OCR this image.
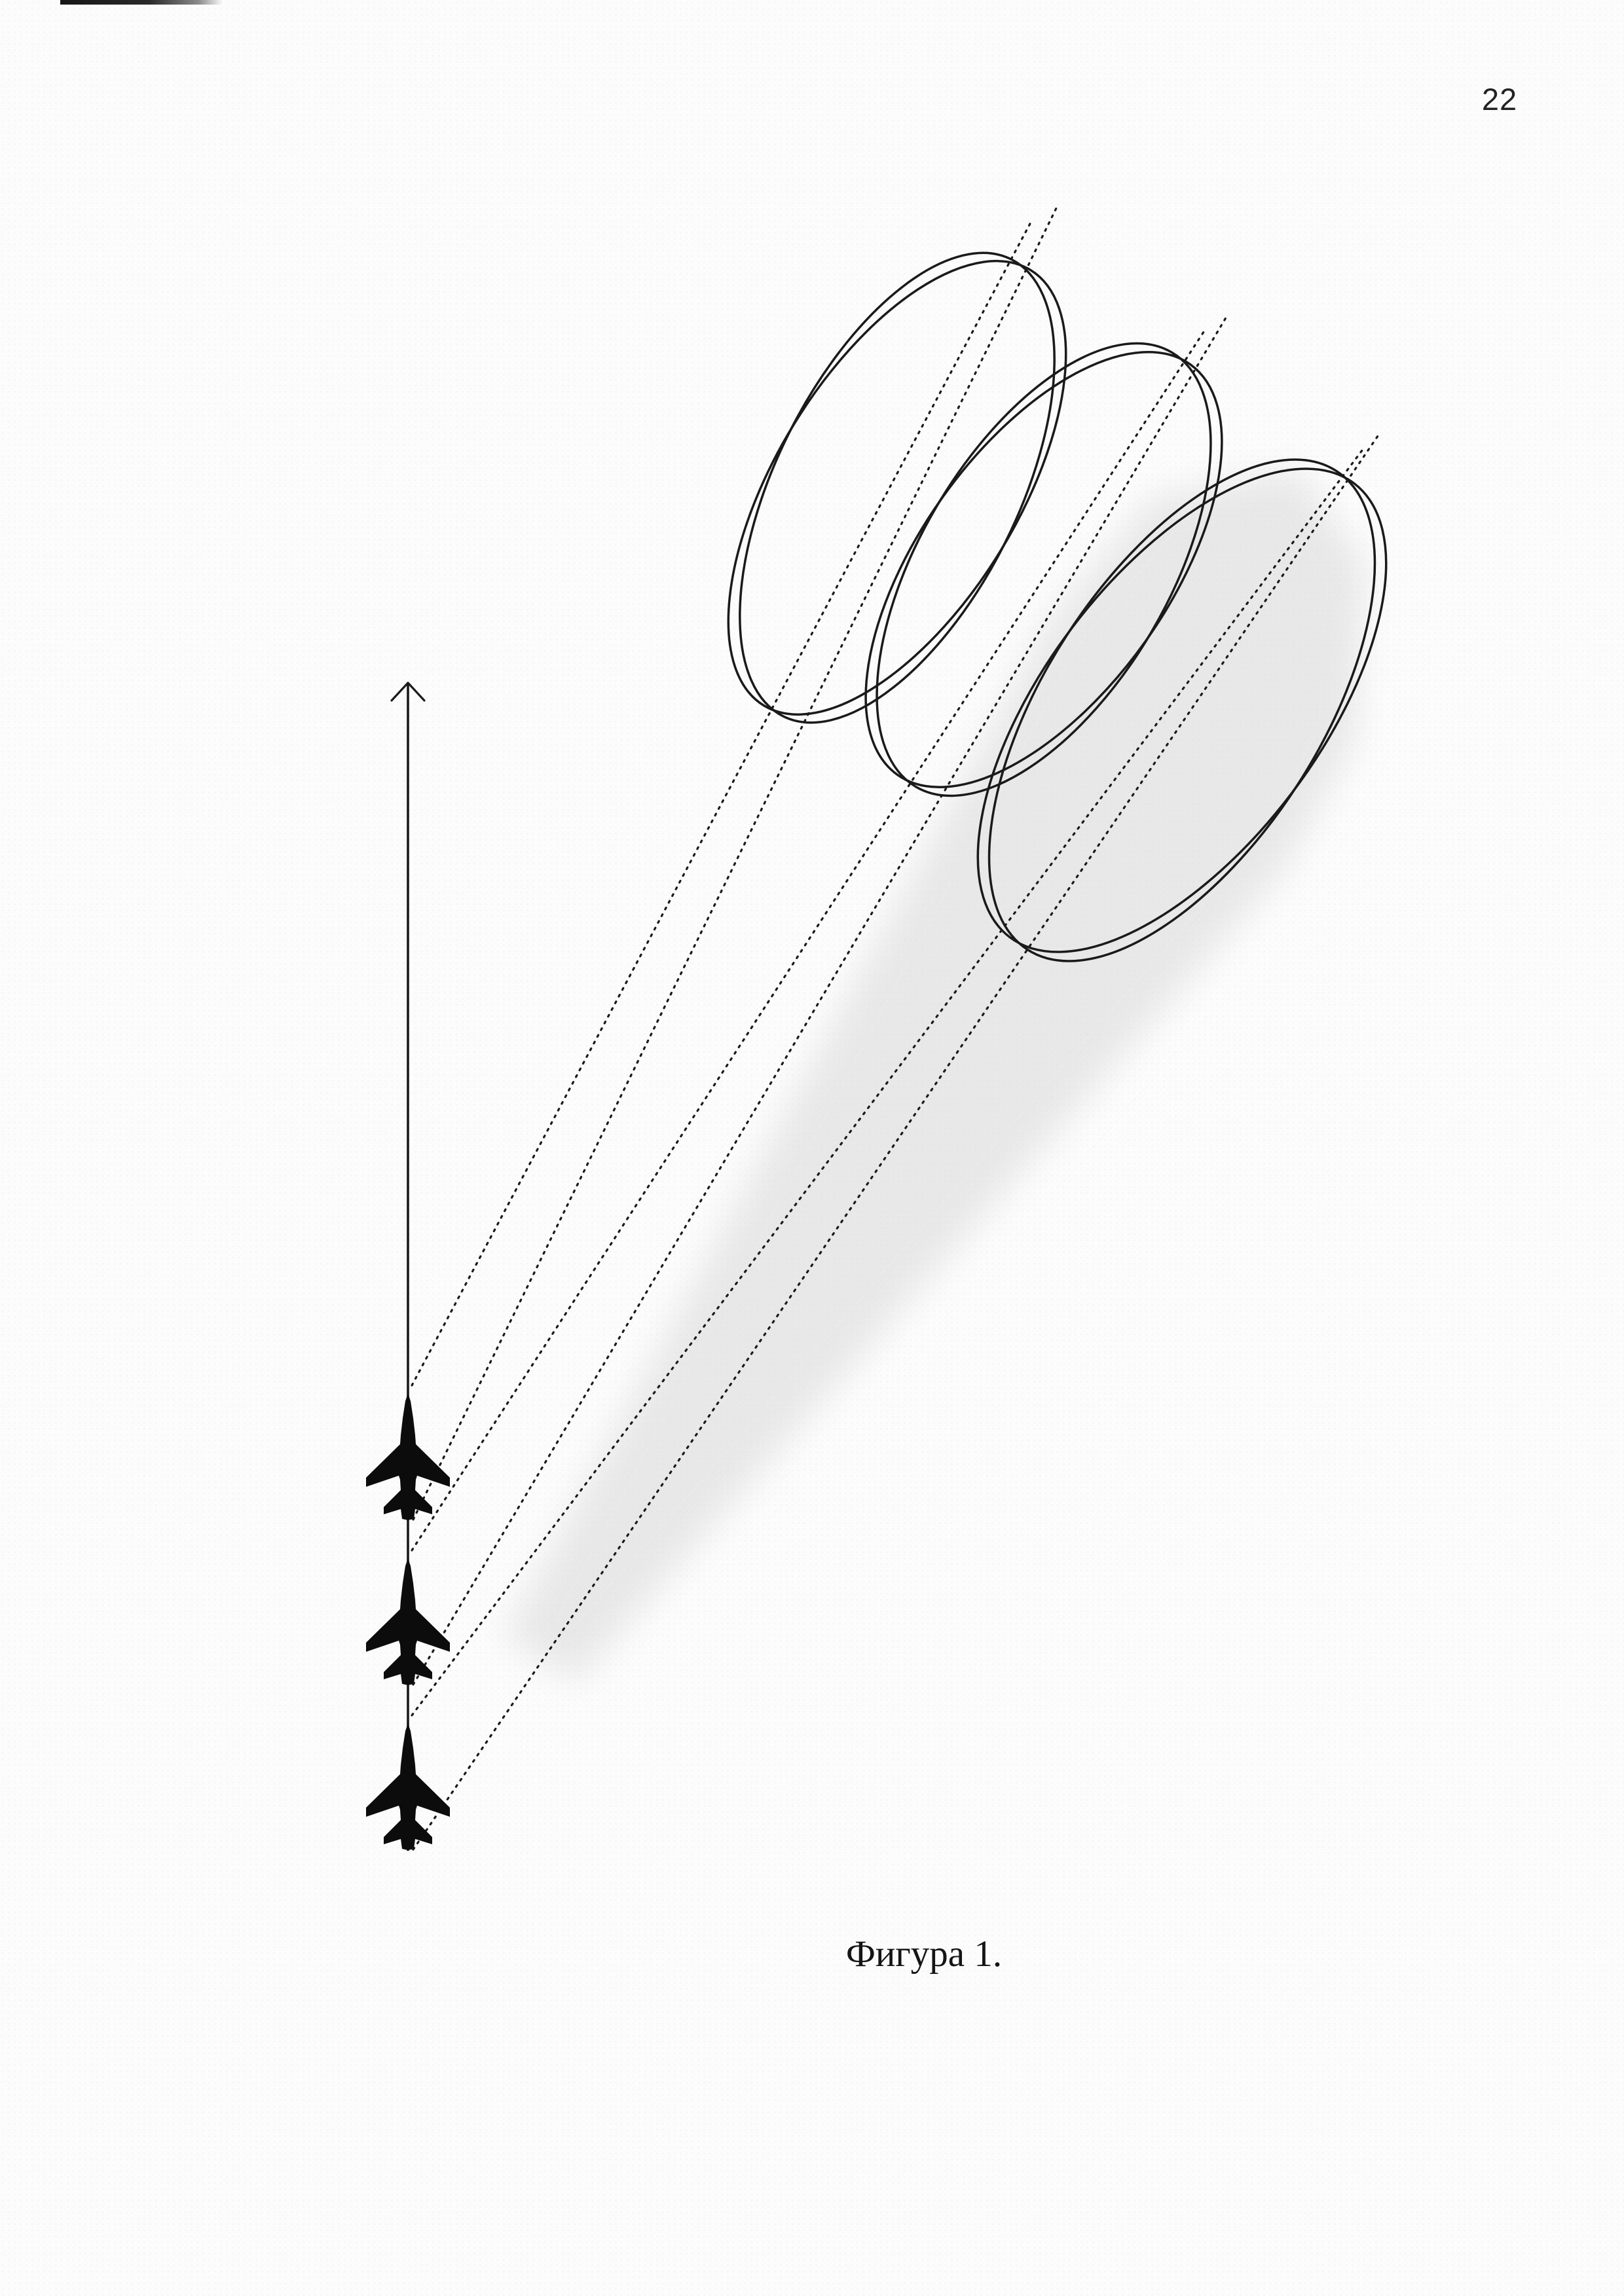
22
Фигура 1.
